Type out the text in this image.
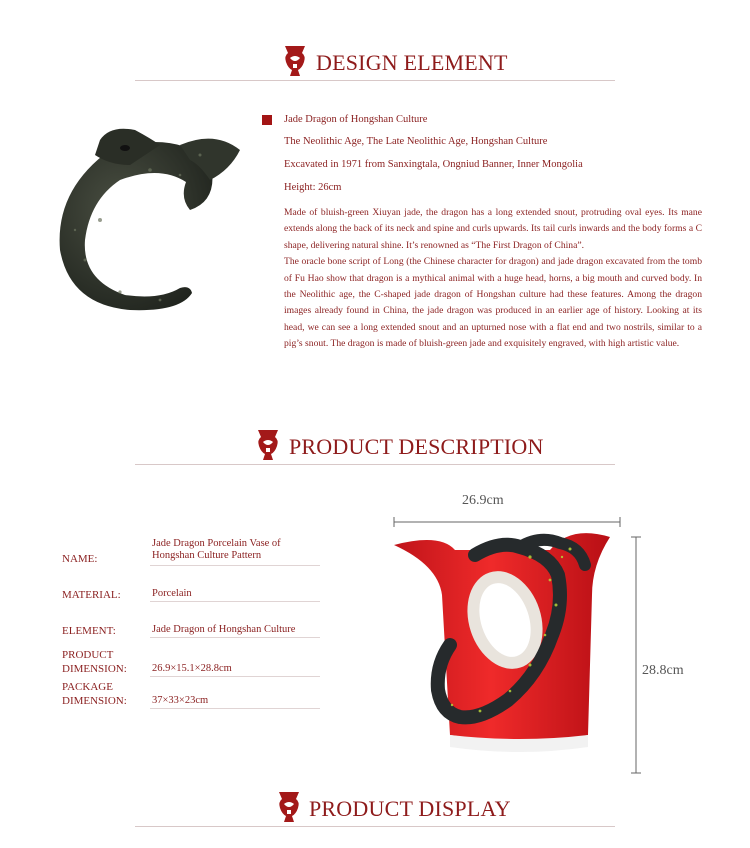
DESIGN ELEMENT
Jade Dragon of Hongshan Culture
The Neolithic Age, The Late Neolithic Age, Hongshan Culture
Excavated in 1971 from Sanxingtala, Ongniud Banner, Inner Mongolia
Height: 26cm
Made of bluish-green Xiuyan jade, the dragon has a long extended snout, protruding oval eyes. Its mane extends along the back of its neck and spine and curls upwards. Its tail curls inwards and the body forms a C shape, delivering natural shine. It’s renowned as “The First Dragon of China”.
The oracle bone script of Long (the Chinese character for dragon) and jade dragon excavated from the tomb of Fu Hao show that dragon is a mythical animal with a huge head, horns, a big mouth and curved body. In the Neolithic age, the C-shaped jade dragon of Hongshan culture had these features. Among the dragon images already found in China, the jade dragon was produced in an earlier age of history. Looking at its head, we can see a long extended snout and an upturned nose with a flat end and two nostrils, similar to a pig’s snout. The dragon is made of bluish-green jade and exquisitely engraved, with high artistic value.
PRODUCT DESCRIPTION
NAME:
Jade Dragon Porcelain Vase of
Hongshan Culture Pattern
MATERIAL:	Porcelain
ELEMENT:	Jade Dragon of Hongshan Culture
PRODUCT
DIMENSION: 26.9×15.1×28.8cm
PACKAGE
DIMENSION: 37×33×23cm
26.9cm
28.8cm
PRODUCT DISPLAY
